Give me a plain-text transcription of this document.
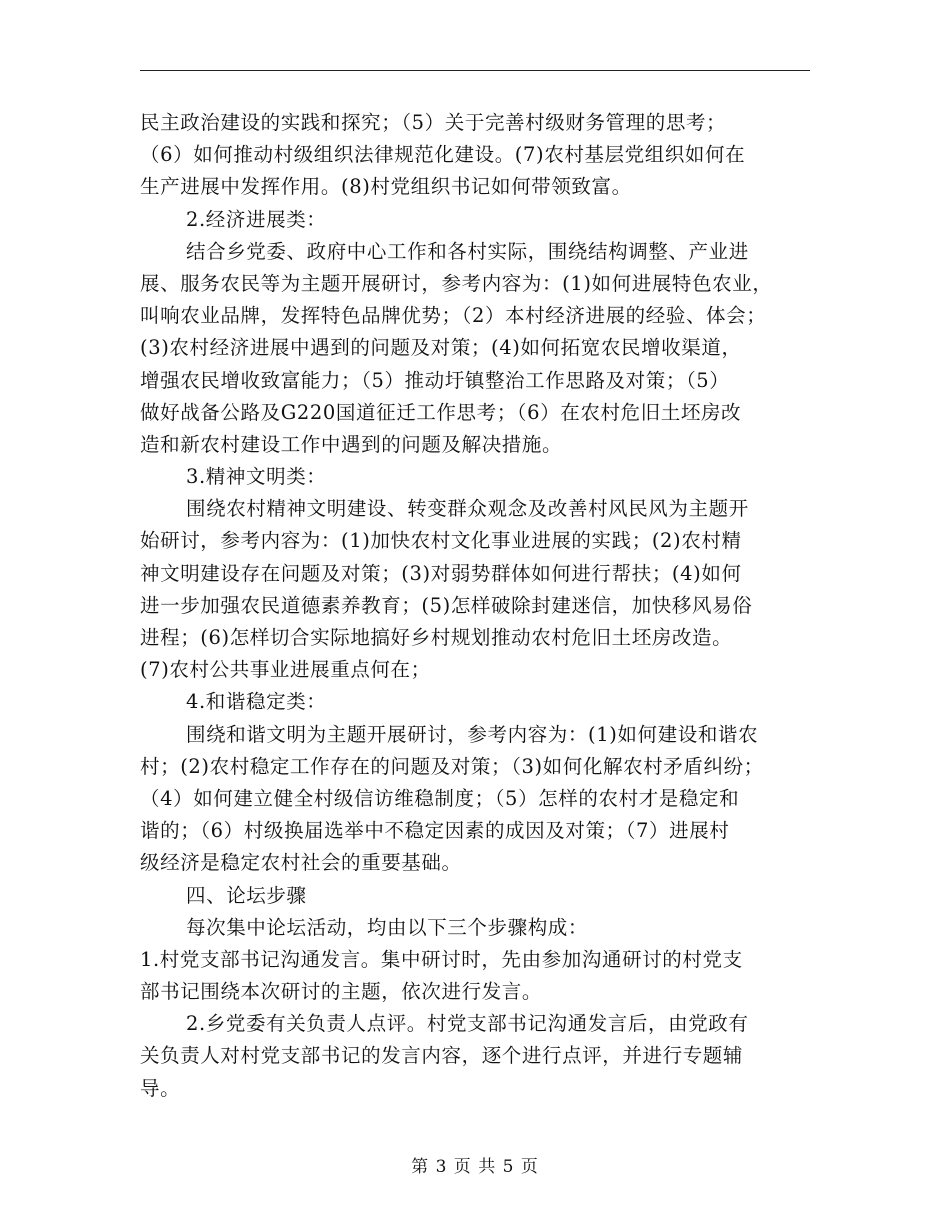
民主政治建设的实践和探究；（5）关于完善村级财务管理的思考；
（6）如何推动村级组织法律规范化建设。(7)农村基层党组织如何在
生产进展中发挥作用。(8)村党组织书记如何带领致富。
2.经济进展类：
结合乡党委、政府中心工作和各村实际，围绕结构调整、产业进
展、服务农民等为主题开展研讨，参考内容为：(1)如何进展特色农业，
叫响农业品牌，发挥特色品牌优势；（2）本村经济进展的经验、体会；
(3)农村经济进展中遇到的问题及对策；(4)如何拓宽农民增收渠道，
增强农民增收致富能力；（5）推动圩镇整治工作思路及对策；（5）
做好战备公路及G220国道征迁工作思考；（6）在农村危旧土坯房改
造和新农村建设工作中遇到的问题及解决措施。
3.精神文明类：
围绕农村精神文明建设、转变群众观念及改善村风民风为主题开
始研讨，参考内容为：(1)加快农村文化事业进展的实践；(2)农村精
神文明建设存在问题及对策；(3)对弱势群体如何进行帮扶；(4)如何
进一步加强农民道德素养教育；(5)怎样破除封建迷信，加快移风易俗
进程；(6)怎样切合实际地搞好乡村规划推动农村危旧土坯房改造。
(7)农村公共事业进展重点何在；
4.和谐稳定类：
围绕和谐文明为主题开展研讨，参考内容为：(1)如何建设和谐农
村；(2)农村稳定工作存在的问题及对策；（3)如何化解农村矛盾纠纷；
（4）如何建立健全村级信访维稳制度；（5）怎样的农村才是稳定和
谐的；（6）村级换届选举中不稳定因素的成因及对策；（7）进展村
级经济是稳定农村社会的重要基础。
四、论坛步骤
每次集中论坛活动，均由以下三个步骤构成：
1.村党支部书记沟通发言。集中研讨时，先由参加沟通研讨的村党支
部书记围绕本次研讨的主题，依次进行发言。
2.乡党委有关负责人点评。村党支部书记沟通发言后，由党政有
关负责人对村党支部书记的发言内容，逐个进行点评，并进行专题辅
导。
第 3 页 共 5 页
